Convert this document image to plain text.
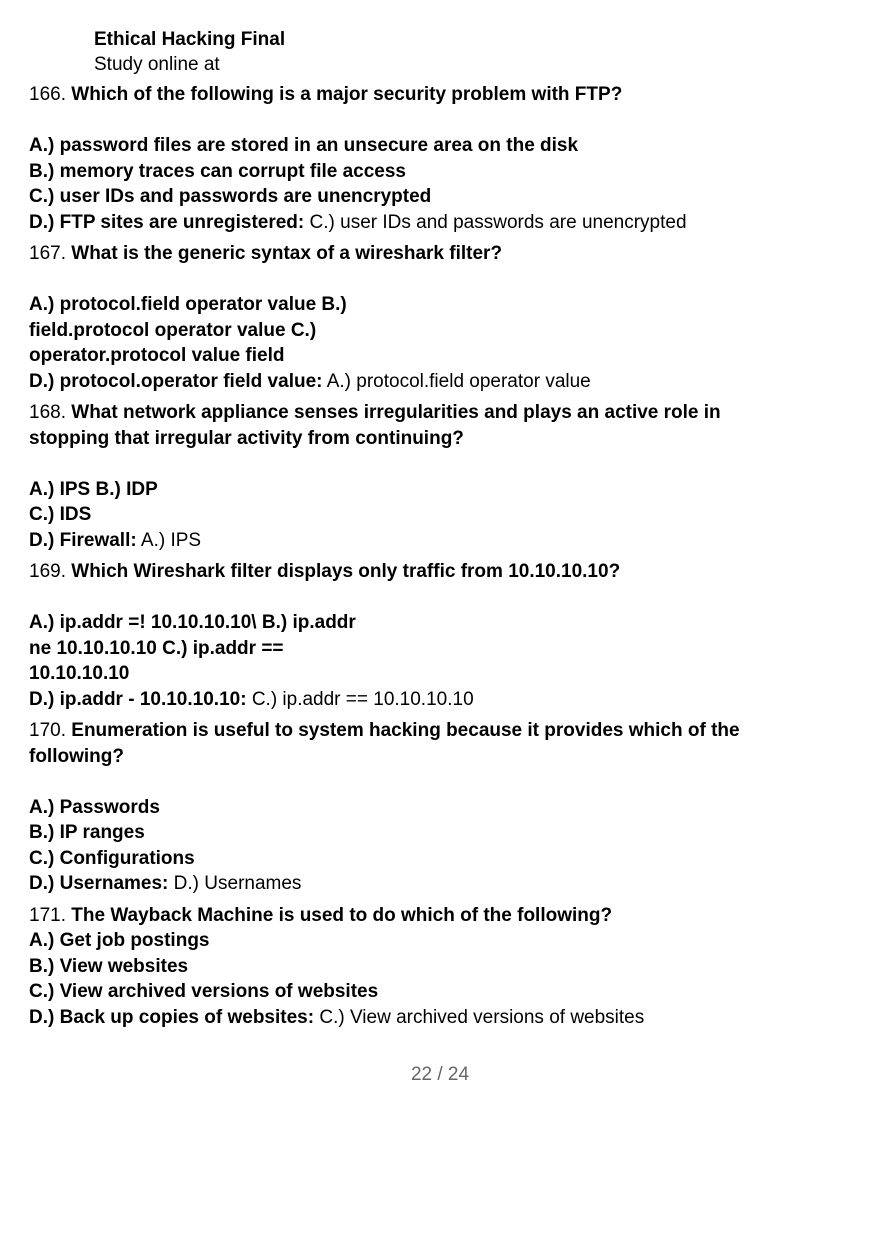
Ethical Hacking Final
Study online at

166. Which of the following is a major security problem with FTP?

A.) password files are stored in an unsecure area on the disk
B.) memory traces can corrupt file access
C.) user IDs and passwords are unencrypted
D.) FTP sites are unregistered: C.) user IDs and passwords are unencrypted

167. What is the generic syntax of a wireshark filter?

A.) protocol.field operator value B.)
field.protocol operator value C.)
operator.protocol value field
D.) protocol.operator field value: A.) protocol.field operator value

168. What network appliance senses irregularities and plays an active role in stopping that irregular activity from continuing?

A.) IPS B.) IDP
C.) IDS
D.) Firewall: A.) IPS

169. Which Wireshark filter displays only traffic from 10.10.10.10?

A.) ip.addr =! 10.10.10.10\ B.) ip.addr
ne 10.10.10.10 C.) ip.addr ==
10.10.10.10
D.) ip.addr - 10.10.10.10: C.) ip.addr == 10.10.10.10

170. Enumeration is useful to system hacking because it provides which of the following?

A.) Passwords
B.) IP ranges
C.) Configurations
D.) Usernames: D.) Usernames

171. The Wayback Machine is used to do which of the following?

A.) Get job postings
B.) View websites
C.) View archived versions of websites
D.) Back up copies of websites: C.) View archived versions of websites
22 / 24
